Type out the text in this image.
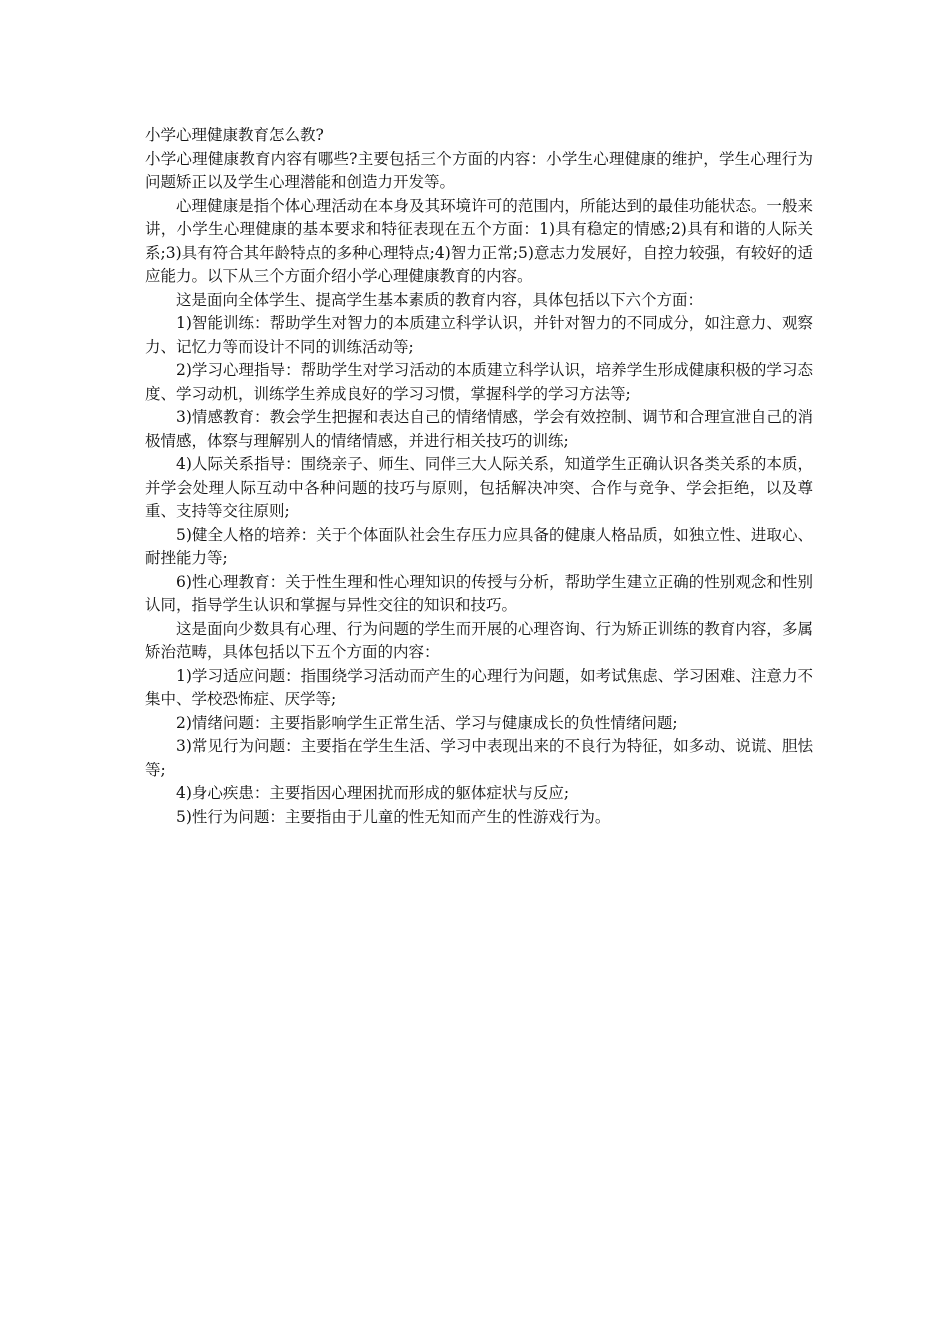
小学心理健康教育怎么教?

小学心理健康教育内容有哪些?主要包括三个方面的内容：小学生心理健康的维护，学生心理行为问题矫正以及学生心理潜能和创造力开发等。

心理健康是指个体心理活动在本身及其环境许可的范围内，所能达到的最佳功能状态。一般来讲，小学生心理健康的基本要求和特征表现在五个方面：1)具有稳定的情感;2)具有和谐的人际关系;3)具有符合其年龄特点的多种心理特点;4)智力正常;5)意志力发展好，自控力较强，有较好的适应能力。以下从三个方面介绍小学心理健康教育的内容。

这是面向全体学生、提高学生基本素质的教育内容，具体包括以下六个方面：

1)智能训练：帮助学生对智力的本质建立科学认识，并针对智力的不同成分，如注意力、观察力、记忆力等而设计不同的训练活动等;

2)学习心理指导：帮助学生对学习活动的本质建立科学认识，培养学生形成健康积极的学习态度、学习动机，训练学生养成良好的学习习惯，掌握科学的学习方法等;

3)情感教育：教会学生把握和表达自己的情绪情感，学会有效控制、调节和合理宣泄自己的消极情感，体察与理解别人的情绪情感，并进行相关技巧的训练;

4)人际关系指导：围绕亲子、师生、同伴三大人际关系，知道学生正确认识各类关系的本质，并学会处理人际互动中各种问题的技巧与原则，包括解决冲突、合作与竞争、学会拒绝，以及尊重、支持等交往原则;

5)健全人格的培养：关于个体面队社会生存压力应具备的健康人格品质，如独立性、进取心、耐挫能力等;

6)性心理教育：关于性生理和性心理知识的传授与分析，帮助学生建立正确的性别观念和性别认同，指导学生认识和掌握与异性交往的知识和技巧。

这是面向少数具有心理、行为问题的学生而开展的心理咨询、行为矫正训练的教育内容，多属矫治范畴，具体包括以下五个方面的内容：

1)学习适应问题：指围绕学习活动而产生的心理行为问题，如考试焦虑、学习困难、注意力不集中、学校恐怖症、厌学等;

2)情绪问题：主要指影响学生正常生活、学习与健康成长的负性情绪问题;

3)常见行为问题：主要指在学生生活、学习中表现出来的不良行为特征，如多动、说谎、胆怯等;

4)身心疾患：主要指因心理困扰而形成的躯体症状与反应;

5)性行为问题：主要指由于儿童的性无知而产生的性游戏行为。
